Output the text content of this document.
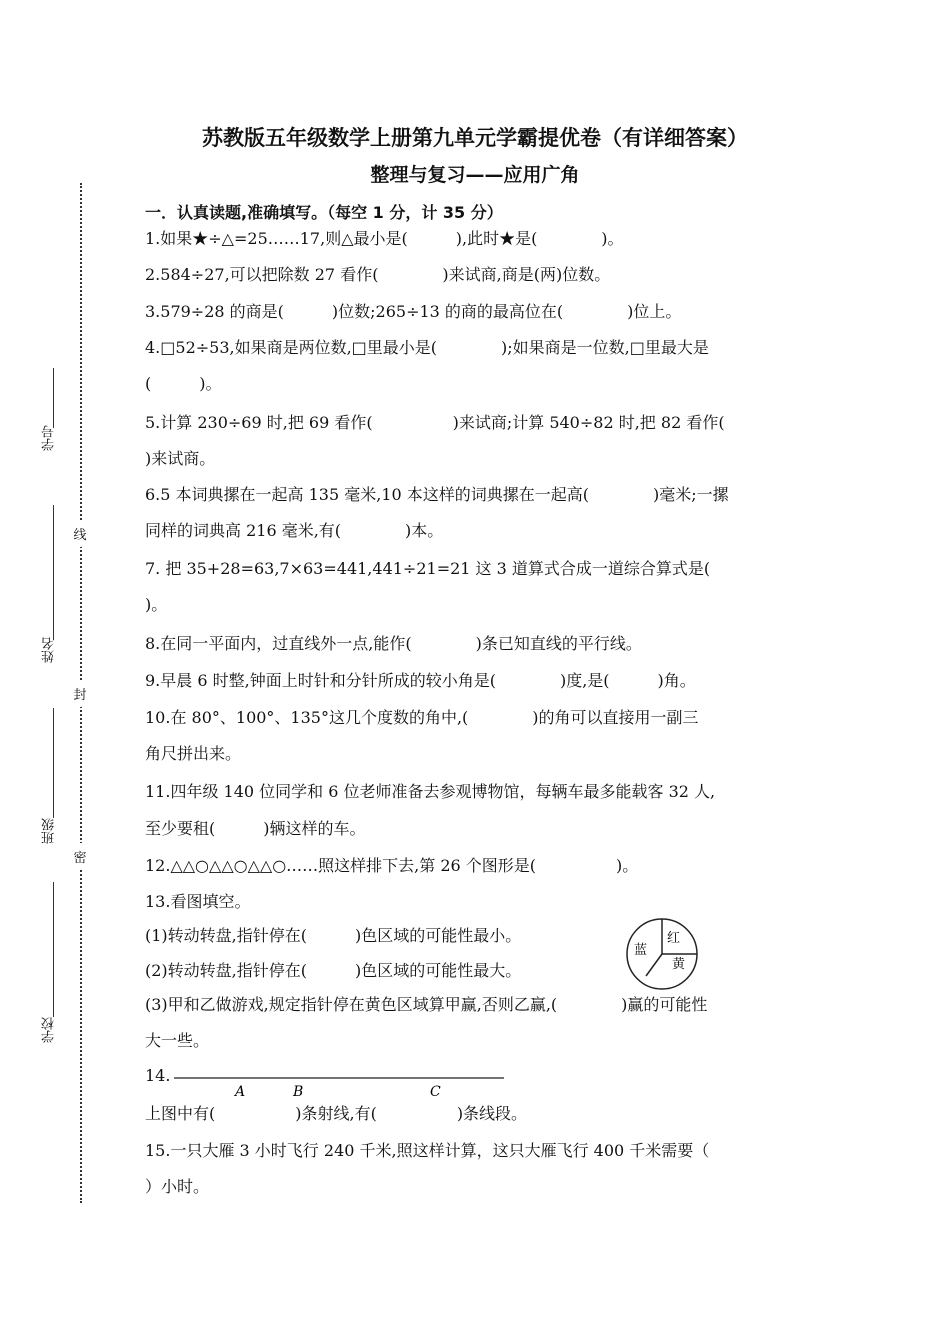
苏教版五年级数学上册第九单元学霸提优卷（有详细答案）
整理与复习——应用广角
一．认真读题,准确填写。（每空 1 分，计 35 分）
学号
姓名
班级
学校
线
封
密
1.如果★÷△=25……17,则△最小是(　　　),此时★是(　　　　)。
2.584÷27,可以把除数 27 看作(　　　　)来试商,商是(两)位数。
3.579÷28 的商是(　　　)位数;265÷13 的商的最高位在(　　　　)位上。
4.□52÷53,如果商是两位数,□里最小是(　　　　);如果商是一位数,□里最大是
(　　　)。
5.计算 230÷69 时,把 69 看作(　　　　　)来试商;计算 540÷82 时,把 82 看作(
)来试商。
6.5 本词典摞在一起高 135 毫米,10 本这样的词典摞在一起高(　　　　)毫米;一摞
同样的词典高 216 毫米,有(　　　　)本。
7. 把 35+28=63,7×63=441,441÷21=21 这 3 道算式合成一道综合算式是(
)。
8.在同一平面内，过直线外一点,能作(　　　　)条已知直线的平行线。
9.早晨 6 时整,钟面上时针和分针所成的较小角是(　　　　)度,是(　　　)角。
10.在 80°、100°、135°这几个度数的角中,(　　　　)的角可以直接用一副三
角尺拼出来。
11.四年级 140 位同学和 6 位老师准备去参观博物馆，每辆车最多能载客 32 人,
至少要租(　　　)辆这样的车。
12.△△○△△○△△○……照这样排下去,第 26 个图形是(　　　　　)。
13.看图填空。
(1)转动转盘,指针停在(　　　)色区域的可能性最小。
(2)转动转盘,指针停在(　　　)色区域的可能性最大。
(3)甲和乙做游戏,规定指针停在黄色区域算甲赢,否则乙赢,(　　　　)赢的可能性
大一些。
14.
上图中有(　　　　　)条射线,有(　　　　　)条线段。
15.一只大雁 3 小时飞行 240 千米,照这样计算，这只大雁飞行 400 千米需要（
）小时。
蓝
红
黄
A	B	C
